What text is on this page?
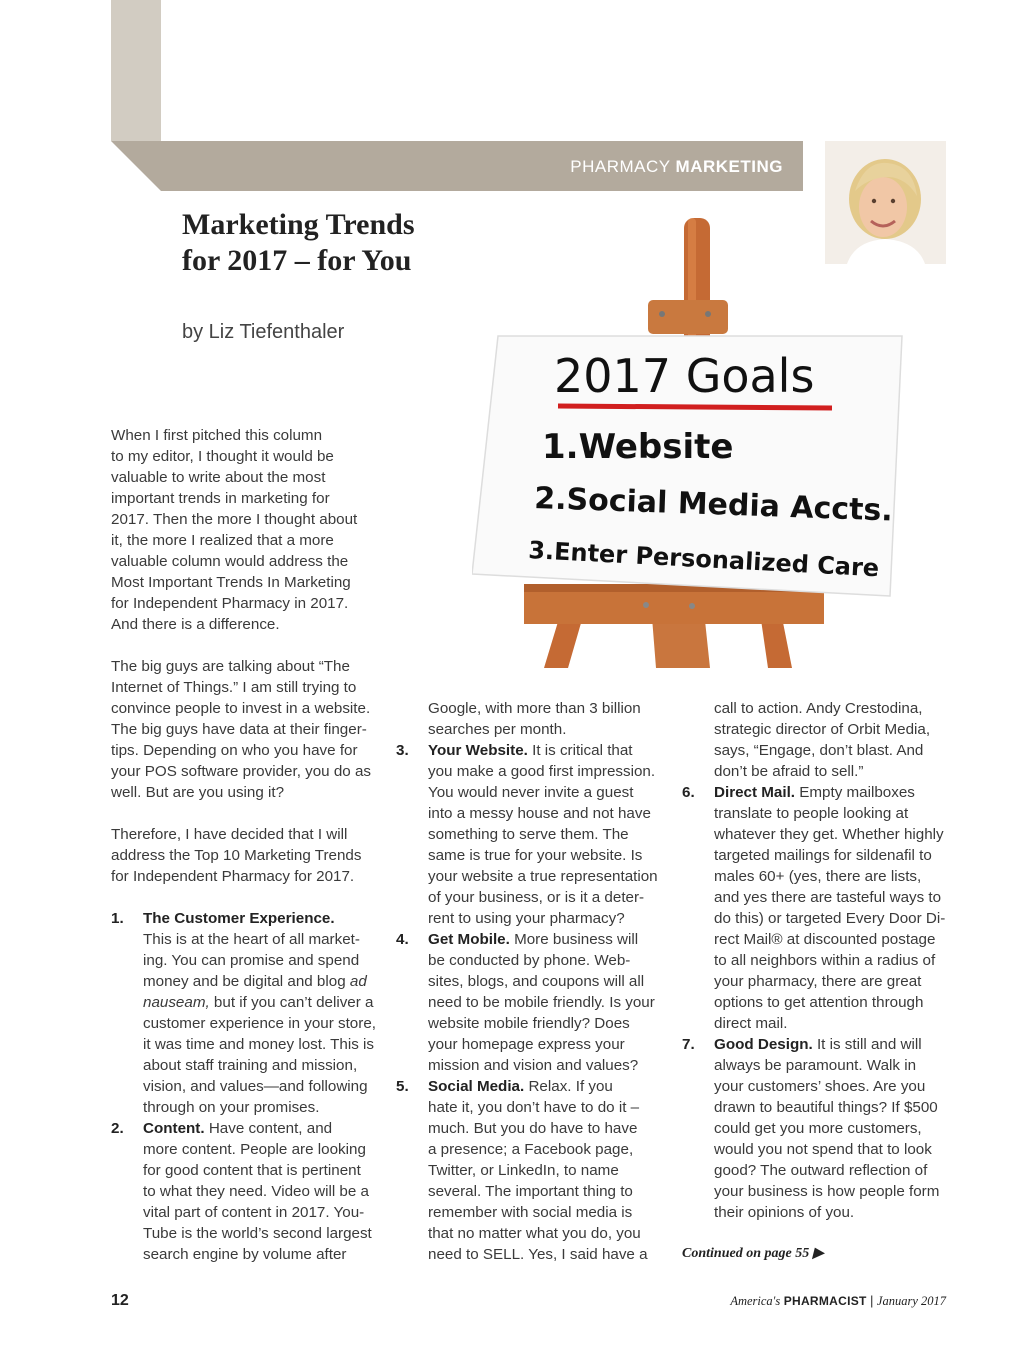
PHARMACY MARKETING
Marketing Trends
for 2017 – for You
by Liz Tiefenthaler
2017 Goals
1.Website
2.Social Media Accts.
3.Enter Personalized Care

When I first pitched this column

to my editor, I thought it would be

valuable to write about the most

important trends in marketing for

2017. Then the more I thought about

it, the more I realized that a more

valuable column would address the

Most Important Trends In Marketing

for Independent Pharmacy in 2017.

And there is a difference.

The big guys are talking about “The

Internet of Things.” I am still trying to

convince people to invest in a website.

The big guys have data at their finger-

tips. Depending on who you have for

your POS software provider, you do as

well. But are you using it?

Therefore, I have decided that I will

address the Top 10 Marketing Trends

for Independent Pharmacy for 2017.

1. The Customer Experience.

This is at the heart of all market-

ing. You can promise and spend

money and be digital and blog ad

nauseam, but if you can’t deliver a

customer experience in your store,

it was time and money lost. This is

about staff training and mission,

vision, and values—and following

through on your promises.

2. Content. Have content, and

more content. People are looking

for good content that is pertinent

to what they need. Video will be a

vital part of content in 2017. You-

Tube is the world’s second largest

search engine by volume after

Google, with more than 3 billion

searches per month.

3. Your Website. It is critical that

you make a good first impression.

You would never invite a guest

into a messy house and not have

something to serve them. The

same is true for your website. Is

your website a true representation

of your business, or is it a deter-

rent to using your pharmacy?

4. Get Mobile. More business will

be conducted by phone. Web-

sites, blogs, and coupons will all

need to be mobile friendly. Is your

website mobile friendly? Does

your homepage express your

mission and vision and values?

5. Social Media. Relax. If you

hate it, you don’t have to do it –

much. But you do have to have

a presence; a Facebook page,

Twitter, or LinkedIn, to name

several. The important thing to

remember with social media is

that no matter what you do, you

need to SELL. Yes, I said have a

call to action. Andy Crestodina,

strategic director of Orbit Media,

says, “Engage, don’t blast. And

don’t be afraid to sell.”

6. Direct Mail. Empty mailboxes

translate to people looking at

whatever they get. Whether highly

targeted mailings for sildenafil to

males 60+ (yes, there are lists,

and yes there are tasteful ways to

do this) or targeted Every Door Di-

rect Mail® at discounted postage

to all neighbors within a radius of

your pharmacy, there are great

options to get attention through

direct mail.

7. Good Design. It is still and will

always be paramount. Walk in

your customers’ shoes. Are you

drawn to beautiful things? If $500

could get you more customers,

would you not spend that to look

good? The outward reflection of

your business is how people form

their opinions of you.

Continued on page 55 ▶
12	America's PHARMACIST | January 2017
